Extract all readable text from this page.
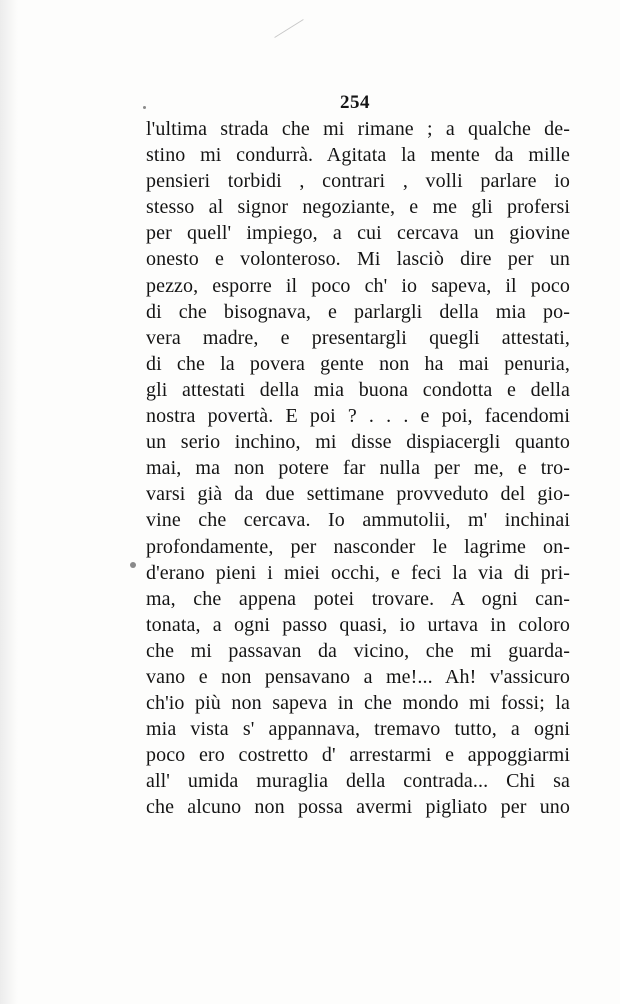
254
l'ultima strada che mi rimane ; a qualche de-
stino mi condurrà. Agitata la mente da mille
pensieri torbidi , contrari , volli parlare io
stesso al signor negoziante, e me gli profersi
per quell' impiego, a cui cercava un giovine
onesto e volonteroso. Mi lasciò dire per un
pezzo, esporre il poco ch' io sapeva, il poco
di che bisognava, e parlargli della mia po-
vera madre, e presentargli quegli attestati,
di che la povera gente non ha mai penuria,
gli attestati della mia buona condotta e della
nostra povertà. E poi ? . . . e poi, facendomi
un serio inchino, mi disse dispiacergli quanto
mai, ma non potere far nulla per me, e tro-
varsi già da due settimane provveduto del gio-
vine che cercava. Io ammutolii, m' inchinai
profondamente, per nasconder le lagrime on-
d'erano pieni i miei occhi, e feci la via di pri-
ma, che appena potei trovare. A ogni can-
tonata, a ogni passo quasi, io urtava in coloro
che mi passavan da vicino, che mi guarda-
vano e non pensavano a me!... Ah! v'assicuro
ch'io più non sapeva in che mondo mi fossi; la
mia vista s' appannava, tremavo tutto, a ogni
poco ero costretto d' arrestarmi e appoggiarmi
all' umida muraglia della contrada... Chi sa
che alcuno non possa avermi pigliato per uno
